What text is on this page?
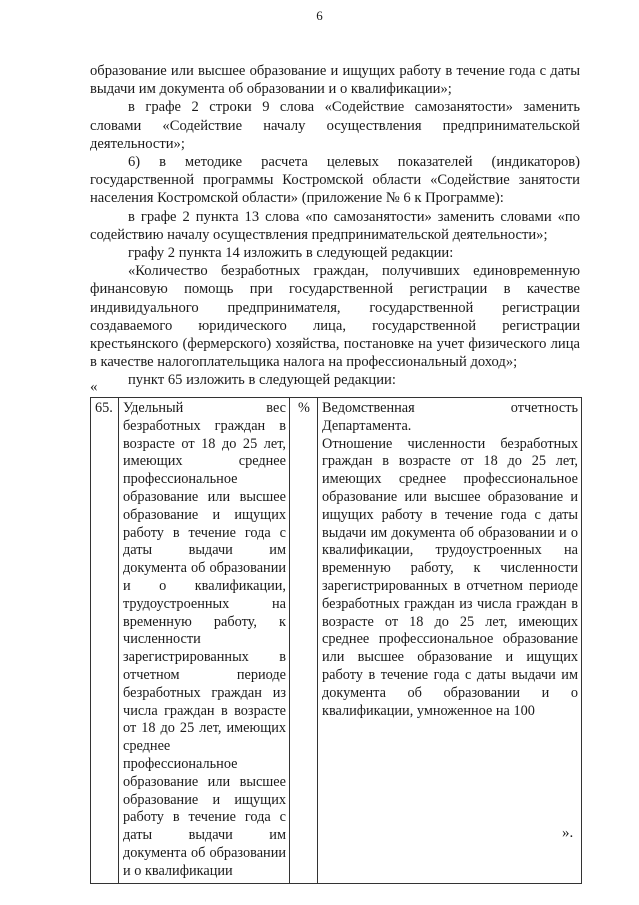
6

образование или высшее образование и ищущих работу в течение года с даты выдачи им документа об образовании и о квалификации»;

в графе 2 строки 9 слова «Содействие самозанятости» заменить словами «Содействие началу осуществления предпринимательской деятельности»;

6) в методике расчета целевых показателей (индикаторов) государственной программы Костромской области «Содействие занятости населения Костромской области» (приложение № 6 к Программе):

в графе 2 пункта 13 слова «по самозанятости» заменить словами «по содействию началу осуществления предпринимательской деятельности»;

графу 2 пункта 14 изложить в следующей редакции:

«Количество безработных граждан, получивших единовременную финансовую помощь при государственной регистрации в качестве индивидуального предпринимателя, государственной регистрации создаваемого юридического лица, государственной регистрации крестьянского (фермерского) хозяйства, постановке на учет физического лица в качестве налогоплательщика налога на профессиональный доход»;

пункт 65 изложить в следующей редакции:

«
65.	Удельный вес безработных граждан в возрасте от 18 до 25 лет, имеющих среднее профессиональное образование или высшее образование и ищущих работу в течение года с даты выдачи им документа об образовании и о квалификации, трудоустроенных на временную работу, к численности зарегистрированных в отчетном периоде безработных граждан из числа граждан в возрасте от 18 до 25 лет, имеющих среднее профессиональное образование или высшее образование и ищущих работу в течение года с даты выдачи им документа об образовании и о квалификации	%	Ведомственная отчетность Департамента.
Отношение численности безработных граждан в возрасте от 18 до 25 лет, имеющих среднее профессиональное образование или высшее образование и ищущих работу в течение года с даты выдачи им документа об образовании и о квалификации, трудоустроенных на временную работу, к численности зарегистрированных в отчетном периоде безработных граждан из числа граждан в возрасте от 18 до 25 лет, имеющих среднее профессиональное образование или высшее образование и ищущих работу в течение года с даты выдачи им документа об образовании и о квалификации, умноженное на 100
».
